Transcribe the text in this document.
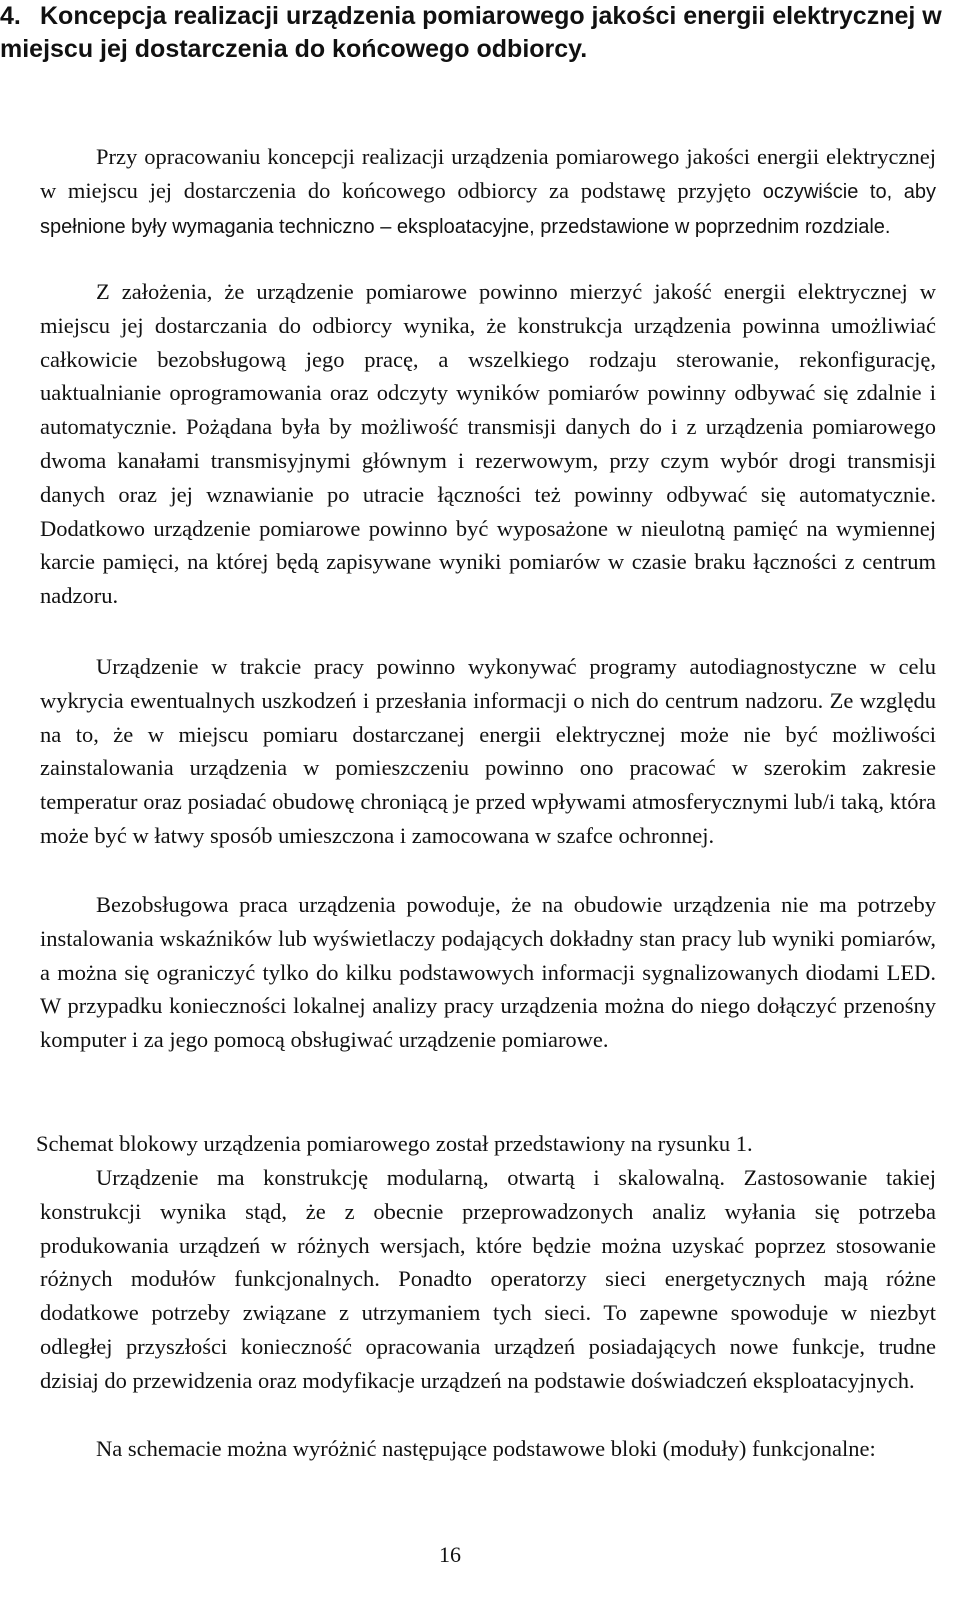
4. Koncepcja realizacji urządzenia pomiarowego jakości energii elektrycznej w miejscu jej dostarczenia do końcowego odbiorcy.

Przy opracowaniu koncepcji realizacji urządzenia pomiarowego jakości energii elektrycznej w miejscu jej dostarczenia do końcowego odbiorcy za podstawę przyjęto oczywiście to, aby spełnione były wymagania techniczno – eksploatacyjne, przedstawione w poprzednim rozdziale.

Z założenia, że urządzenie pomiarowe powinno mierzyć jakość energii elektrycznej w miejscu jej dostarczania do odbiorcy wynika, że konstrukcja urządzenia powinna umożliwiać całkowicie bezobsługową jego pracę, a wszelkiego rodzaju sterowanie, rekonfigurację, uaktualnianie oprogramowania oraz odczyty wyników pomiarów powinny odbywać się zdalnie i automatycznie. Pożądana była by możliwość transmisji danych do i z urządzenia pomiarowego dwoma kanałami transmisyjnymi głównym i rezerwowym, przy czym wybór drogi transmisji danych oraz jej wznawianie po utracie łączności też powinny odbywać się automatycznie. Dodatkowo urządzenie pomiarowe powinno być wyposażone w nieulotną pamięć na wymiennej karcie pamięci, na której będą zapisywane wyniki pomiarów w czasie braku łączności z centrum nadzoru.

Urządzenie w trakcie pracy powinno wykonywać programy autodiagnostyczne w celu wykrycia ewentualnych uszkodzeń i przesłania informacji o nich do centrum nadzoru. Ze względu na to, że w miejscu pomiaru dostarczanej energii elektrycznej może nie być możliwości zainstalowania urządzenia w pomieszczeniu powinno ono pracować w szerokim zakresie temperatur oraz posiadać obudowę chroniącą je przed wpływami atmosferycznymi lub/i taką, która może być w łatwy sposób umieszczona i zamocowana w szafce ochronnej.

Bezobsługowa praca urządzenia powoduje, że na obudowie urządzenia nie ma potrzeby instalowania wskaźników lub wyświetlaczy podających dokładny stan pracy lub wyniki pomiarów, a można się ograniczyć tylko do kilku podstawowych informacji sygnalizowanych diodami LED. W przypadku konieczności lokalnej analizy pracy urządzenia można do niego dołączyć przenośny komputer i za jego pomocą obsługiwać urządzenie pomiarowe.

Schemat blokowy urządzenia pomiarowego został przedstawiony na rysunku 1.

Urządzenie ma konstrukcję modularną, otwartą i skalowalną. Zastosowanie takiej konstrukcji wynika stąd, że z obecnie przeprowadzonych analiz wyłania się potrzeba produkowania urządzeń w różnych wersjach, które będzie można uzyskać poprzez stosowanie różnych modułów funkcjonalnych. Ponadto operatorzy sieci energetycznych mają różne dodatkowe potrzeby związane z utrzymaniem tych sieci. To zapewne spowoduje w niezbyt odległej przyszłości konieczność opracowania urządzeń posiadających nowe funkcje, trudne dzisiaj do przewidzenia oraz modyfikacje urządzeń na podstawie doświadczeń eksploatacyjnych.

Na schemacie można wyróżnić następujące podstawowe bloki (moduły) funkcjonalne:

16
